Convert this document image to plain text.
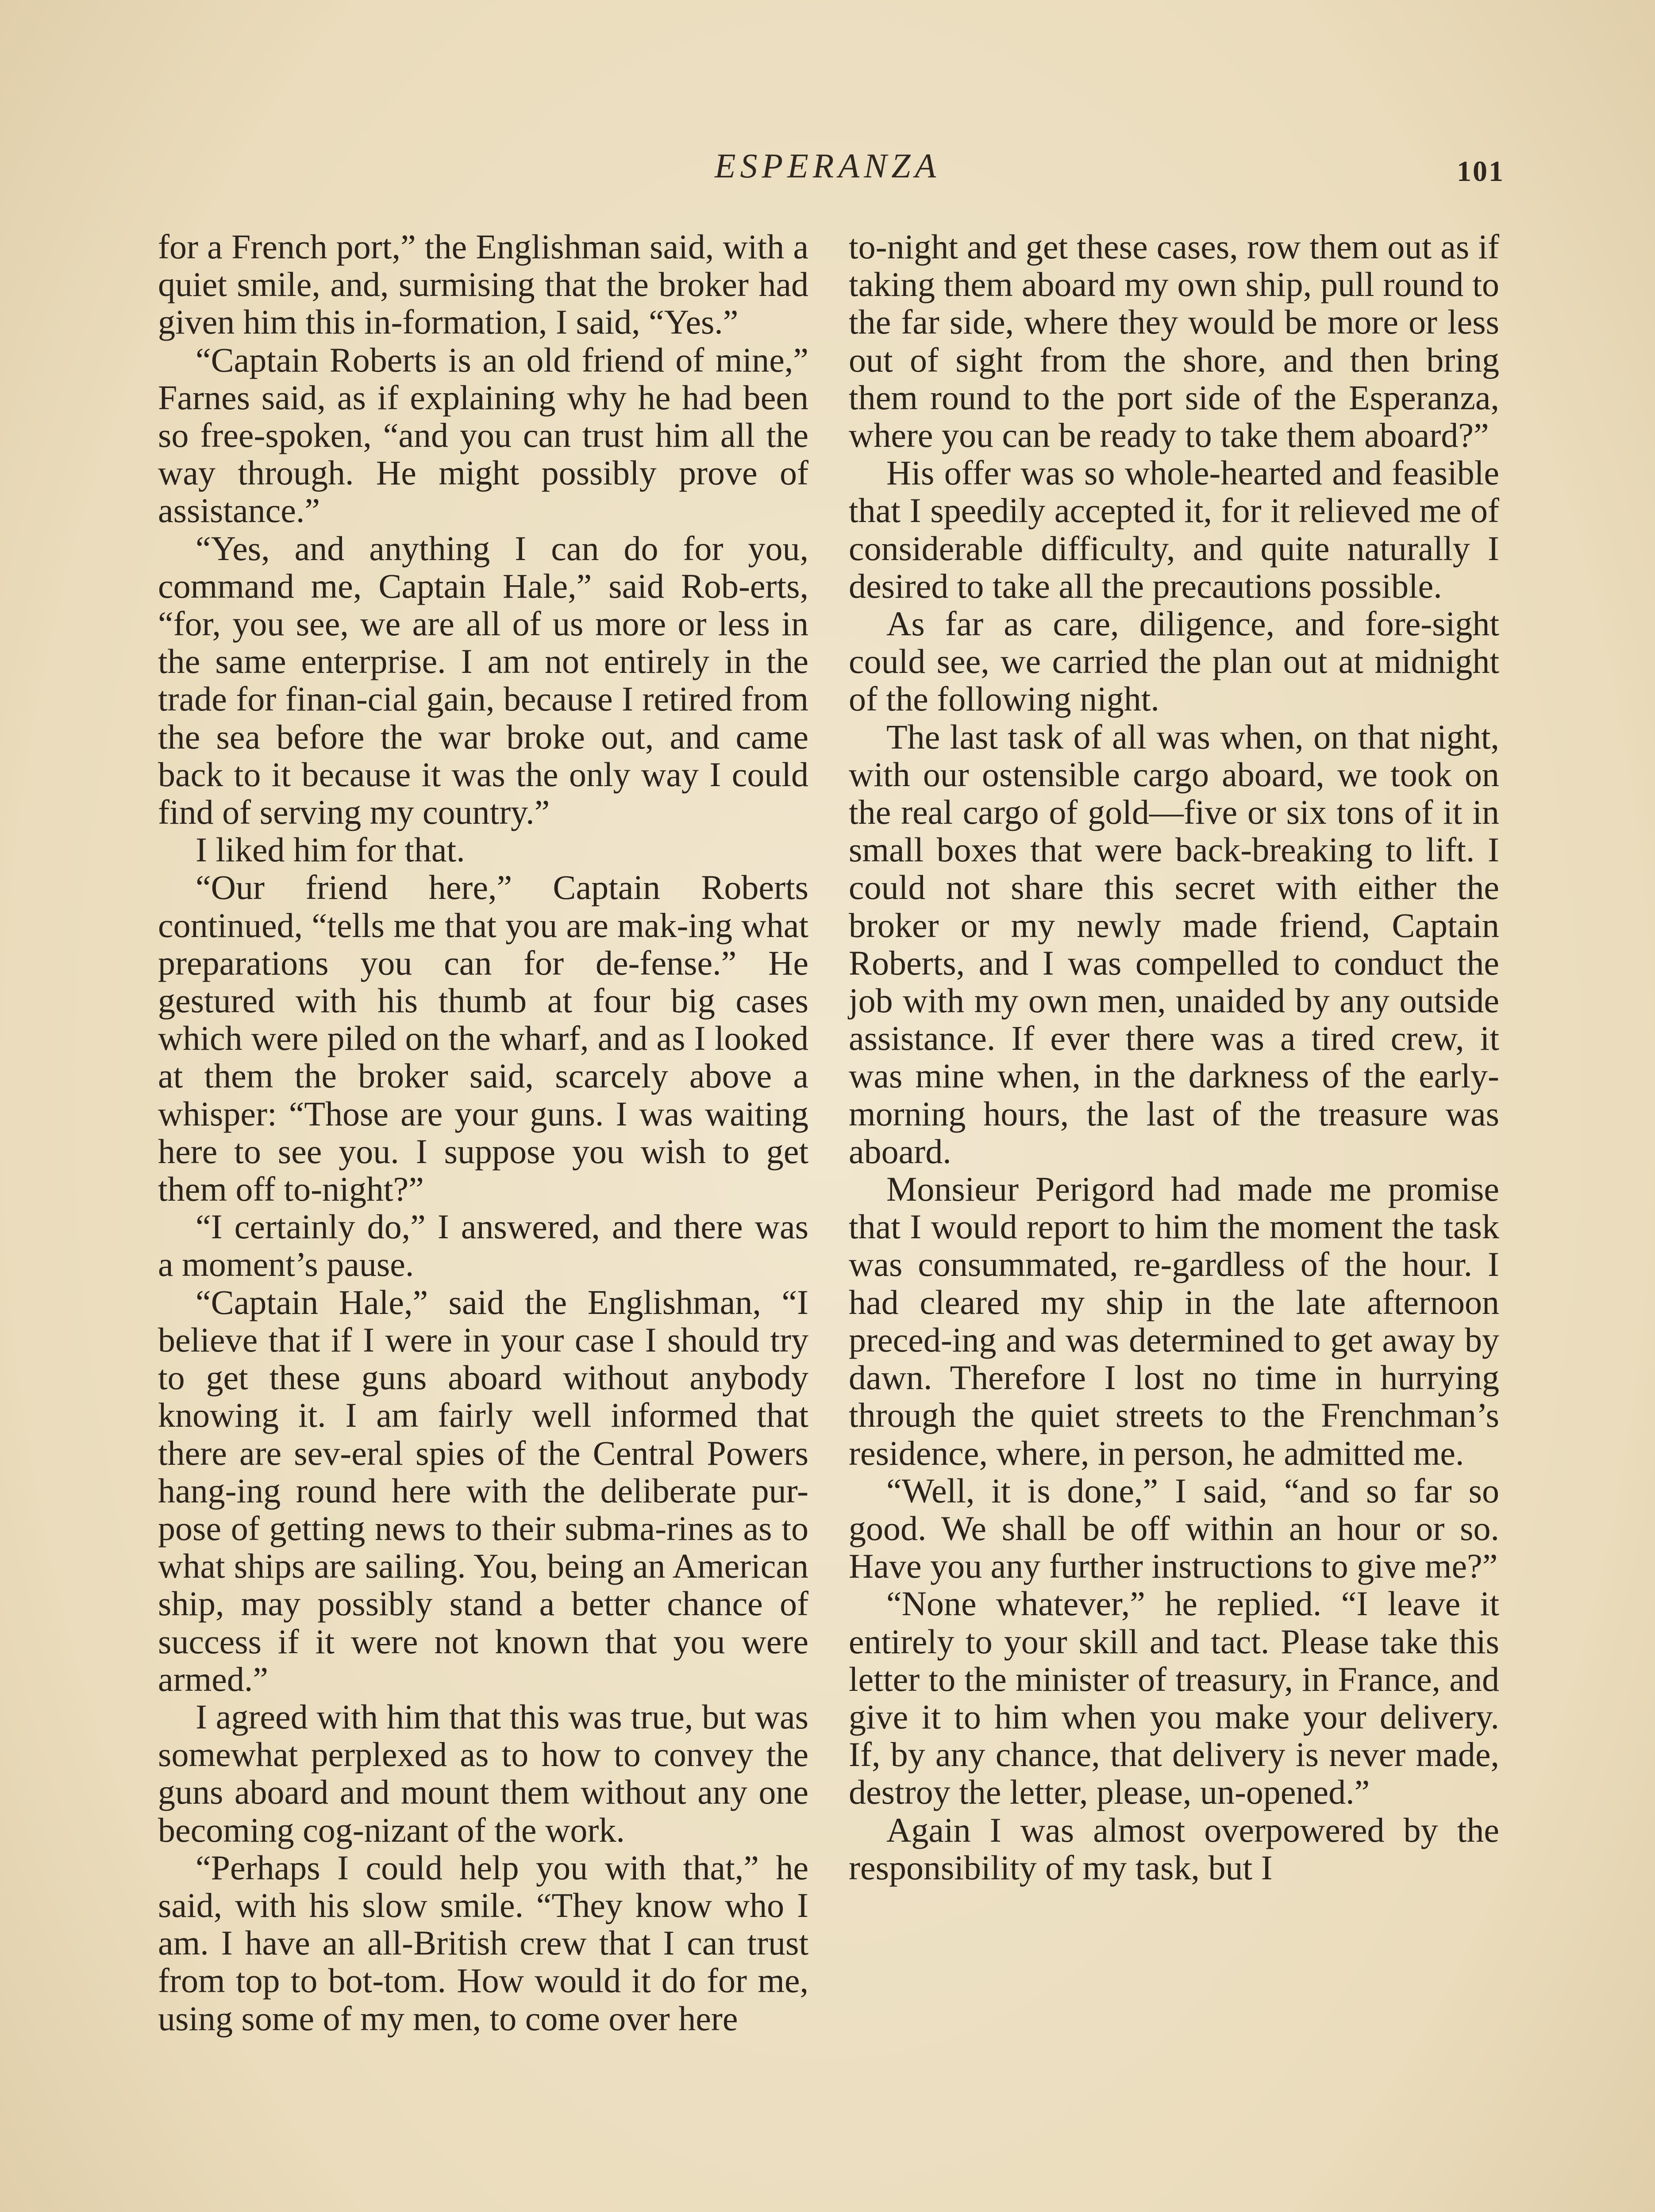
ESPERANZA	101

for a French port,” the Englishman said, with a quiet smile, and, surmising that the broker had given him this in-formation, I said, “Yes.”

“Captain Roberts is an old friend of mine,” Farnes said, as if explaining why he had been so free-spoken, “and you can trust him all the way through. He might possibly prove of assistance.”

“Yes, and anything I can do for you, command me, Captain Hale,” said Rob-erts, “for, you see, we are all of us more or less in the same enterprise. I am not entirely in the trade for finan-cial gain, because I retired from the sea before the war broke out, and came back to it because it was the only way I could find of serving my country.”

I liked him for that.

“Our friend here,” Captain Roberts continued, “tells me that you are mak-ing what preparations you can for de-fense.” He gestured with his thumb at four big cases which were piled on the wharf, and as I looked at them the broker said, scarcely above a whisper: “Those are your guns. I was waiting here to see you. I suppose you wish to get them off to-night?”

“I certainly do,” I answered, and there was a moment’s pause.

“Captain Hale,” said the Englishman, “I believe that if I were in your case I should try to get these guns aboard without anybody knowing it. I am fairly well informed that there are sev-eral spies of the Central Powers hang-ing round here with the deliberate pur-pose of getting news to their subma-rines as to what ships are sailing. You, being an American ship, may possibly stand a better chance of success if it were not known that you were armed.”

I agreed with him that this was true, but was somewhat perplexed as to how to convey the guns aboard and mount them without any one becoming cog-nizant of the work.

“Perhaps I could help you with that,” he said, with his slow smile. “They know who I am. I have an all-British crew that I can trust from top to bot-tom. How would it do for me, using some of my men, to come over here

to-night and get these cases, row them out as if taking them aboard my own ship, pull round to the far side, where they would be more or less out of sight from the shore, and then bring them round to the port side of the Esperanza, where you can be ready to take them aboard?”

His offer was so whole-hearted and feasible that I speedily accepted it, for it relieved me of considerable difficulty, and quite naturally I desired to take all the precautions possible.

As far as care, diligence, and fore-sight could see, we carried the plan out at midnight of the following night.

The last task of all was when, on that night, with our ostensible cargo aboard, we took on the real cargo of gold—five or six tons of it in small boxes that were back-breaking to lift. I could not share this secret with either the broker or my newly made friend, Captain Roberts, and I was compelled to conduct the job with my own men, unaided by any outside assistance. If ever there was a tired crew, it was mine when, in the darkness of the early-morning hours, the last of the treasure was aboard.

Monsieur Perigord had made me promise that I would report to him the moment the task was consummated, re-gardless of the hour. I had cleared my ship in the late afternoon preced-ing and was determined to get away by dawn. Therefore I lost no time in hurrying through the quiet streets to the Frenchman’s residence, where, in person, he admitted me.

“Well, it is done,” I said, “and so far so good. We shall be off within an hour or so. Have you any further instructions to give me?”

“None whatever,” he replied. “I leave it entirely to your skill and tact. Please take this letter to the minister of treasury, in France, and give it to him when you make your delivery. If, by any chance, that delivery is never made, destroy the letter, please, un-opened.”

Again I was almost overpowered by the responsibility of my task, but I
